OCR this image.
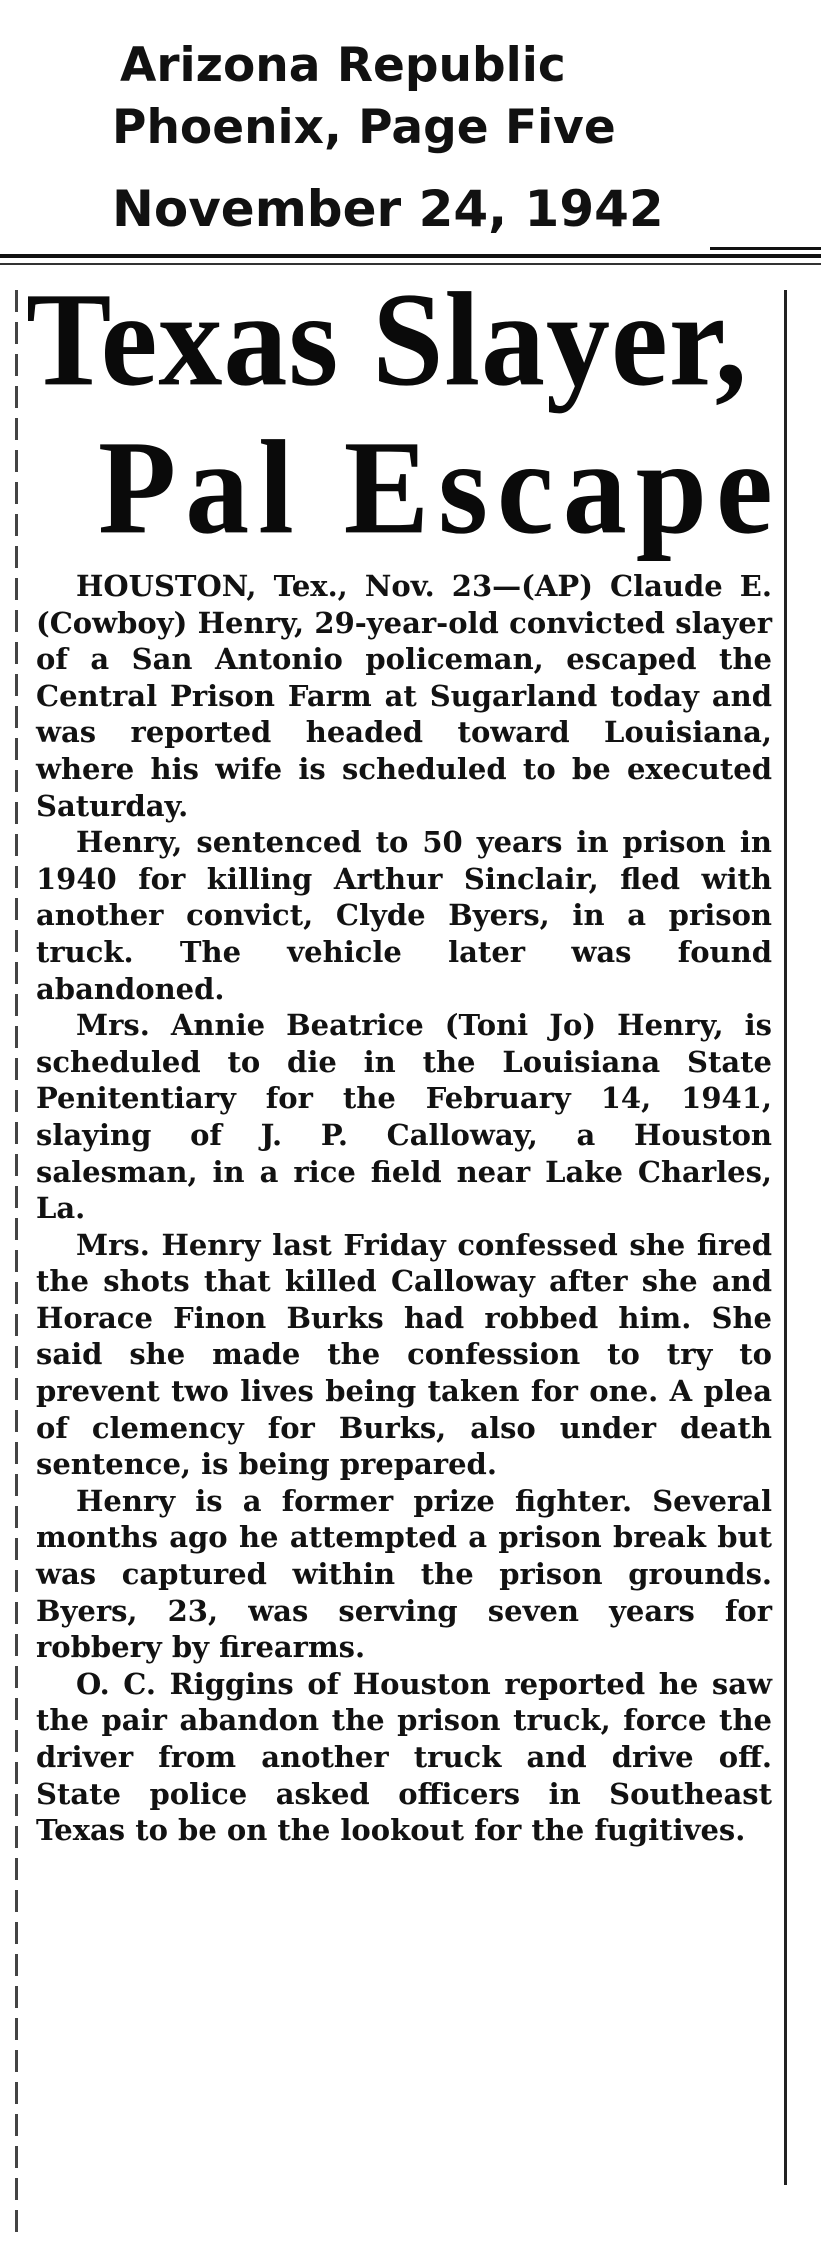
Arizona Republic
Phoenix, Page Five
November 24, 1942
Texas Slayer,
Pal Escape

HOUSTON, Tex., Nov. 23—(AP) Claude E. (Cowboy) Henry, 29-year-old convicted slayer of a San Antonio policeman, escaped the Central Prison Farm at Sugarland today and was reported headed toward Louisiana, where his wife is scheduled to be executed Saturday.

Henry, sentenced to 50 years in prison in 1940 for killing Arthur Sinclair, fled with another convict, Clyde Byers, in a prison truck. The vehicle later was found abandoned.

Mrs. Annie Beatrice (Toni Jo) Henry, is scheduled to die in the Louisiana State Penitentiary for the February 14, 1941, slaying of J. P. Calloway, a Houston salesman, in a rice field near Lake Charles, La.

Mrs. Henry last Friday confessed she fired the shots that killed Calloway after she and Horace Finon Burks had robbed him. She said she made the confession to try to prevent two lives being taken for one. A plea of clemency for Burks, also under death sentence, is being prepared.

Henry is a former prize fighter. Several months ago he attempted a prison break but was captured within the prison grounds. Byers, 23, was serving seven years for robbery by firearms.

O. C. Riggins of Houston reported he saw the pair abandon the prison truck, force the driver from another truck and drive off. State police asked officers in Southeast Texas to be on the lookout for the fugitives.
